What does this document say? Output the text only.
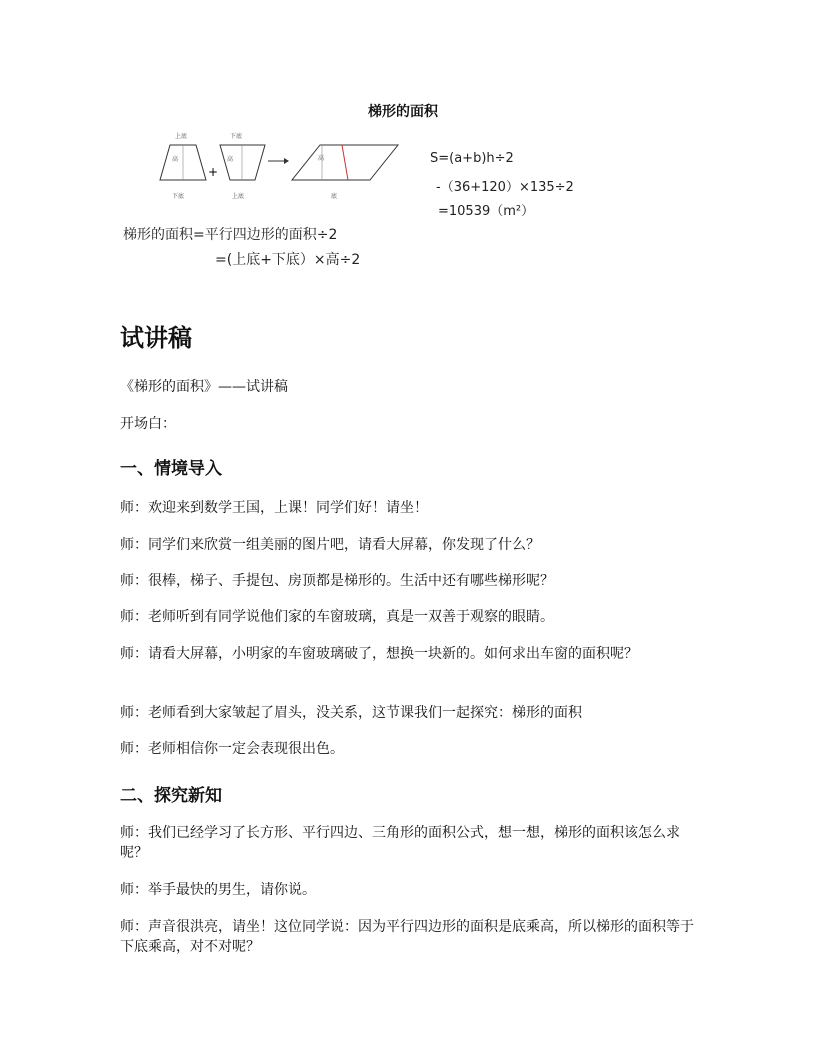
梯形的面积
上底
高
下底
+
下底
高
上底
高
底
S=(a+b)h÷2
-（36+120）×135÷2
=10539（m²）
梯形的面积=平行四边形的面积÷2
=(上底+下底）×高÷2
试讲稿
《梯形的面积》——试讲稿
开场白：
一、情境导入
师：欢迎来到数学王国，上课！同学们好！请坐！
师：同学们来欣赏一组美丽的图片吧，请看大屏幕，你发现了什么？
师：很棒，梯子、手提包、房顶都是梯形的。生活中还有哪些梯形呢？
师：老师听到有同学说他们家的车窗玻璃，真是一双善于观察的眼睛。
师：请看大屏幕，小明家的车窗玻璃破了，想换一块新的。如何求出车窗的面积呢？
师：老师看到大家皱起了眉头，没关系，这节课我们一起探究：梯形的面积
师：老师相信你一定会表现很出色。
二、探究新知
师：我们已经学习了长方形、平行四边、三角形的面积公式，想一想，梯形的面积该怎么求呢？
师：举手最快的男生，请你说。
师：声音很洪亮，请坐！这位同学说：因为平行四边形的面积是底乘高，所以梯形的面积等于下底乘高，对不对呢？
